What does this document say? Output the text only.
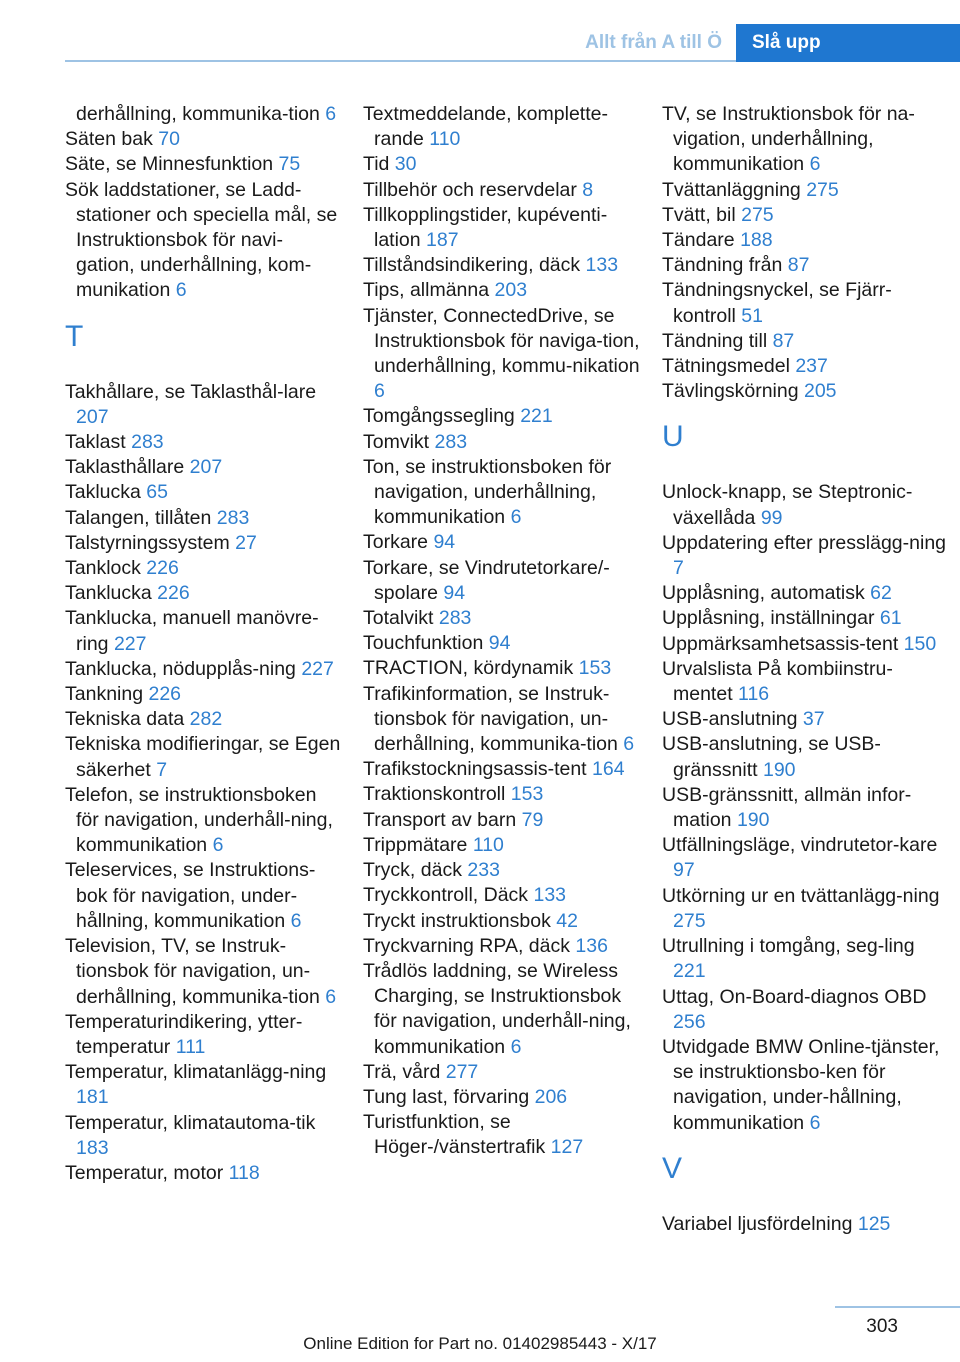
Allt från A till Ö	Slå upp

derhållning, kommunika-tion 6

Säten bak 70

Säte, se Minnesfunktion 75

Sök laddstationer, se Ladd-stationer och speciella mål, se Instruktionsbok för navi-gation, underhållning, kom-munikation 6

T

Takhållare, se Taklasthål-lare 207

Taklast 283

Taklasthållare 207

Taklucka 65

Talangen, tillåten 283

Talstyrningssystem 27

Tanklock 226

Tanklucka 226

Tanklucka, manuell manövre-ring 227

Tanklucka, nödupplås-ning 227

Tankning 226

Tekniska data 282

Tekniska modifieringar, se Egen säkerhet 7

Telefon, se instruktionsboken för navigation, underhåll-ning, kommunikation 6

Teleservices, se Instruktions-bok för navigation, under-hållning, kommunikation 6

Television, TV, se Instruk-tionsbok för navigation, un-derhållning, kommunika-tion 6

Temperaturindikering, ytter-temperatur 111

Temperatur, klimatanlägg-ning 181

Temperatur, klimatautoma-tik 183

Temperatur, motor 118

Textmeddelande, komplette-rande 110

Tid 30

Tillbehör och reservdelar 8

Tillkopplingstider, kupéventi-lation 187

Tillståndsindikering, däck 133

Tips, allmänna 203

Tjänster, ConnectedDrive, se Instruktionsbok för naviga-tion, underhållning, kommu-nikation 6

Tomgångssegling 221

Tomvikt 283

Ton, se instruktionsboken för navigation, underhållning, kommunikation 6

Torkare 94

Torkare, se Vindrutetorkare/-spolare 94

Totalvikt 283

Touchfunktion 94

TRACTION, kördynamik 153

Trafikinformation, se Instruk-tionsbok för navigation, un-derhållning, kommunika-tion 6

Trafikstockningsassis-tent 164

Traktionskontroll 153

Transport av barn 79

Trippmätare 110

Tryck, däck 233

Tryckkontroll, Däck 133

Tryckt instruktionsbok 42

Tryckvarning RPA, däck 136

Trådlös laddning, se Wireless Charging, se Instruktionsbok för navigation, underhåll-ning, kommunikation 6

Trä, vård 277

Tung last, förvaring 206

Turistfunktion, se Höger-/vänstertrafik 127

TV, se Instruktionsbok för na-vigation, underhållning, kommunikation 6

Tvättanläggning 275

Tvätt, bil 275

Tändare 188

Tändning från 87

Tändningsnyckel, se Fjärr-kontroll 51

Tändning till 87

Tätningsmedel 237

Tävlingskörning 205

U

Unlock-knapp, se Steptronic-växellåda 99

Uppdatering efter presslägg-ning 7

Upplåsning, automatisk 62

Upplåsning, inställningar 61

Uppmärksamhetsassis-tent 150

Urvalslista På kombiinstru-mentet 116

USB-anslutning 37

USB-anslutning, se USB-gränssnitt 190

USB-gränssnitt, allmän infor-mation 190

Utfällningsläge, vindrutetor-kare 97

Utkörning ur en tvättanlägg-ning 275

Utrullning i tomgång, seg-ling 221

Uttag, On-Board-diagnos OBD 256

Utvidgade BMW Online-tjänster, se instruktionsbo-ken för navigation, under-hållning, kommunikation 6

V

Variabel ljusfördelning 125

303
Online Edition for Part no. 01402985443 - X/17
